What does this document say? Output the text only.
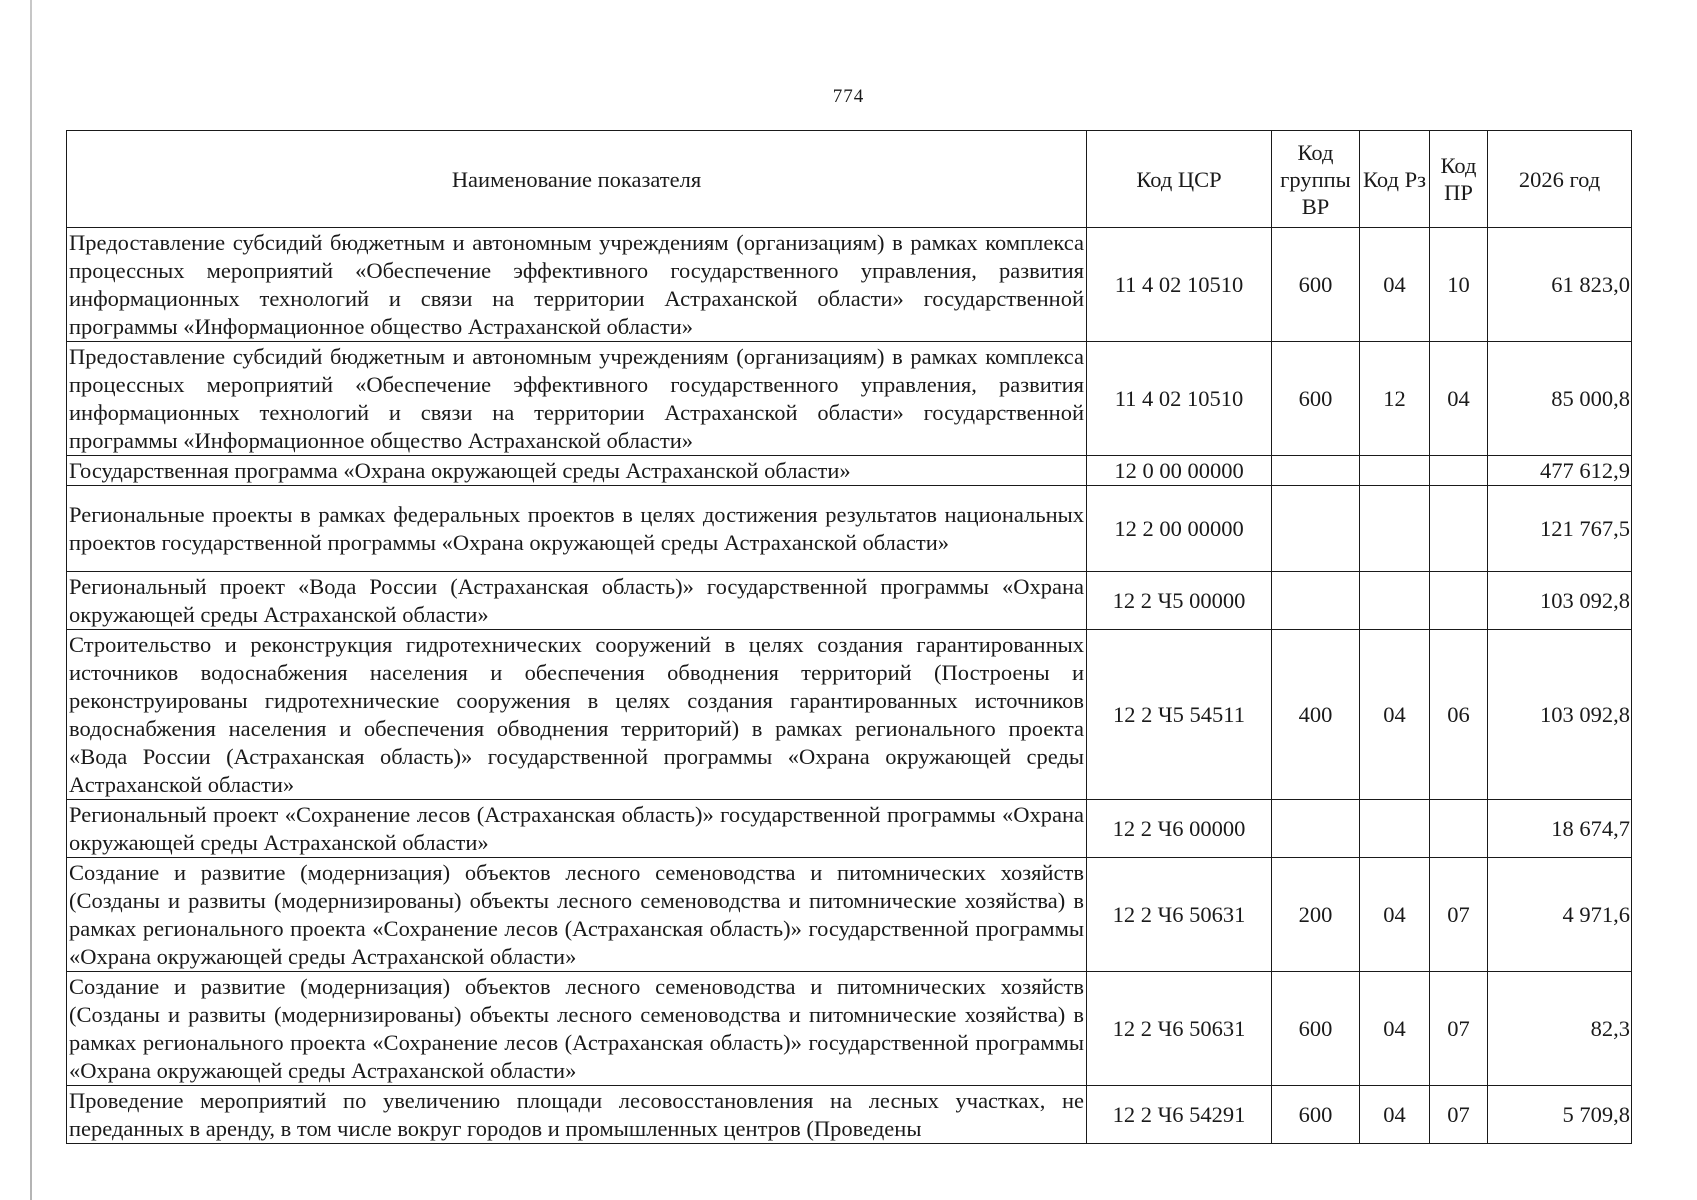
774
Наименование показателя	Код ЦСР	Код группы ВР	Код Рз	Код ПР	2026 год
Предоставление субсидий бюджетным и автономным учреждениям (организациям) в рамках комплекса процессных мероприятий «Обеспечение эффективного государственного управления, развития информационных технологий и связи на территории Астраханской области» государственной программы «Информационное общество Астраханской области»	11 4 02 10510	600	04	10	61 823,0
Предоставление субсидий бюджетным и автономным учреждениям (организациям) в рамках комплекса процессных мероприятий «Обеспечение эффективного государственного управления, развития информационных технологий и связи на территории Астраханской области» государственной программы «Информационное общество Астраханской области»	11 4 02 10510	600	12	04	85 000,8
Государственная программа «Охрана окружающей среды Астраханской области»	12 0 00 00000				477 612,9
Региональные проекты в рамках федеральных проектов в целях достижения результатов национальных проектов государственной программы «Охрана окружающей среды Астраханской области»	12 2 00 00000				121 767,5
Региональный проект «Вода России (Астраханская область)» государственной программы «Охрана окружающей среды Астраханской области»	12 2 Ч5 00000				103 092,8
Строительство и реконструкция гидротехнических сооружений в целях создания гарантированных источников водоснабжения населения и обеспечения обводнения территорий (Построены и реконструированы гидротехнические сооружения в целях создания гарантированных источников водоснабжения населения и обеспечения обводнения территорий) в рамках регионального проекта «Вода России (Астраханская область)» государственной программы «Охрана окружающей среды Астраханской области»	12 2 Ч5 54511	400	04	06	103 092,8
Региональный проект «Сохранение лесов (Астраханская область)» государственной программы «Охрана окружающей среды Астраханской области»	12 2 Ч6 00000				18 674,7
Создание и развитие (модернизация) объектов лесного семеноводства и питомнических хозяйств (Созданы и развиты (модернизированы) объекты лесного семеноводства и питомнические хозяйства) в рамках регионального проекта «Сохранение лесов (Астраханская область)» государственной программы «Охрана окружающей среды Астраханской области»	12 2 Ч6 50631	200	04	07	4 971,6
Создание и развитие (модернизация) объектов лесного семеноводства и питомнических хозяйств (Созданы и развиты (модернизированы) объекты лесного семеноводства и питомнические хозяйства) в рамках регионального проекта «Сохранение лесов (Астраханская область)» государственной программы «Охрана окружающей среды Астраханской области»	12 2 Ч6 50631	600	04	07	82,3
Проведение мероприятий по увеличению площади лесовосстановления на лесных участках, не переданных в аренду, в том числе вокруг городов и промышленных центров (Проведены	12 2 Ч6 54291	600	04	07	5 709,8
